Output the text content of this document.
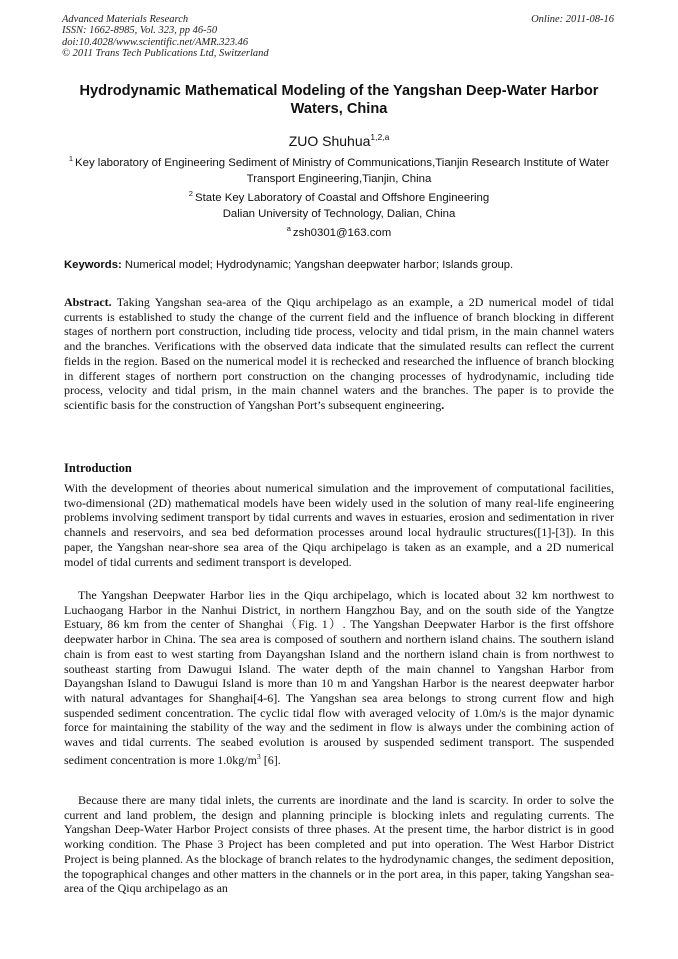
Advanced Materials Research
ISSN: 1662-8985, Vol. 323, pp 46-50
doi:10.4028/www.scientific.net/AMR.323.46
© 2011 Trans Tech Publications Ltd, Switzerland
Online: 2011-08-16
Hydrodynamic Mathematical Modeling of the Yangshan Deep-Water Harbor Waters, China
ZUO Shuhua$^{1,2,a}$
$^1$ Key laboratory of Engineering Sediment of Ministry of Communications,Tianjin Research Institute of Water Transport Engineering,Tianjin, China
$^2$ State Key Laboratory of Coastal and Offshore Engineering
Dalian University of Technology, Dalian, China
$^a$ zsh0301@163.com
Keywords: Numerical model; Hydrodynamic; Yangshan deepwater harbor; Islands group.
Abstract. Taking Yangshan sea-area of the Qiqu archipelago as an example, a 2D numerical model of tidal currents is established to study the change of the current field and the influence of branch blocking in different stages of northern port construction, including tide process, velocity and tidal prism, in the main channel waters and the branches. Verifications with the observed data indicate that the simulated results can reflect the current fields in the region. Based on the numerical model it is rechecked and researched the influence of branch blocking in different stages of northern port construction on the changing processes of hydrodynamic, including tide process, velocity and tidal prism, in the main channel waters and the branches. The paper is to provide the scientific basis for the construction of Yangshan Port’s subsequent engineering.
Introduction
With the development of theories about numerical simulation and the improvement of computational facilities, two-dimensional (2D) mathematical models have been widely used in the solution of many real-life engineering problems involving sediment transport by tidal currents and waves in estuaries, erosion and sedimentation in river channels and reservoirs, and sea bed deformation processes around local hydraulic structures([1]-[3]). In this paper, the Yangshan near-shore sea area of the Qiqu archipelago is taken as an example, and a 2D numerical model of tidal currents and sediment transport is developed.
The Yangshan Deepwater Harbor lies in the Qiqu archipelago, which is located about 32 km northwest to Luchaogang Harbor in the Nanhui District, in northern Hangzhou Bay, and on the south side of the Yangtze Estuary, 86 km from the center of Shanghai（Fig. 1）. The Yangshan Deepwater Harbor is the first offshore deepwater harbor in China. The sea area is composed of southern and northern island chains. The southern island chain is from east to west starting from Dayangshan Island and the northern island chain is from northwest to southeast starting from Dawugui Island. The water depth of the main channel to Yangshan Harbor from Dayangshan Island to Dawugui Island is more than 10 m and Yangshan Harbor is the nearest deepwater harbor with natural advantages for Shanghai[4-6]. The Yangshan sea area belongs to strong current flow and high suspended sediment concentration. The cyclic tidal flow with averaged velocity of 1.0m/s is the major dynamic force for maintaining the stability of the way and the sediment in flow is always under the combining action of waves and tidal currents. The seabed evolution is aroused by suspended sediment transport. The suspended sediment concentration is more $1.0kg/m^3$ [6].
Because there are many tidal inlets, the currents are inordinate and the land is scarcity. In order to solve the current and land problem, the design and planning principle is blocking inlets and regulating currents. The Yangshan Deep-Water Harbor Project consists of three phases. At the present time, the harbor district is in good working condition. The Phase 3 Project has been completed and put into operation. The West Harbor District Project is being planned. As the blockage of branch relates to the hydrodynamic changes, the sediment deposition, the topographical changes and other matters in the channels or in the port area, in this paper, taking Yangshan sea-area of the Qiqu archipelago as an
